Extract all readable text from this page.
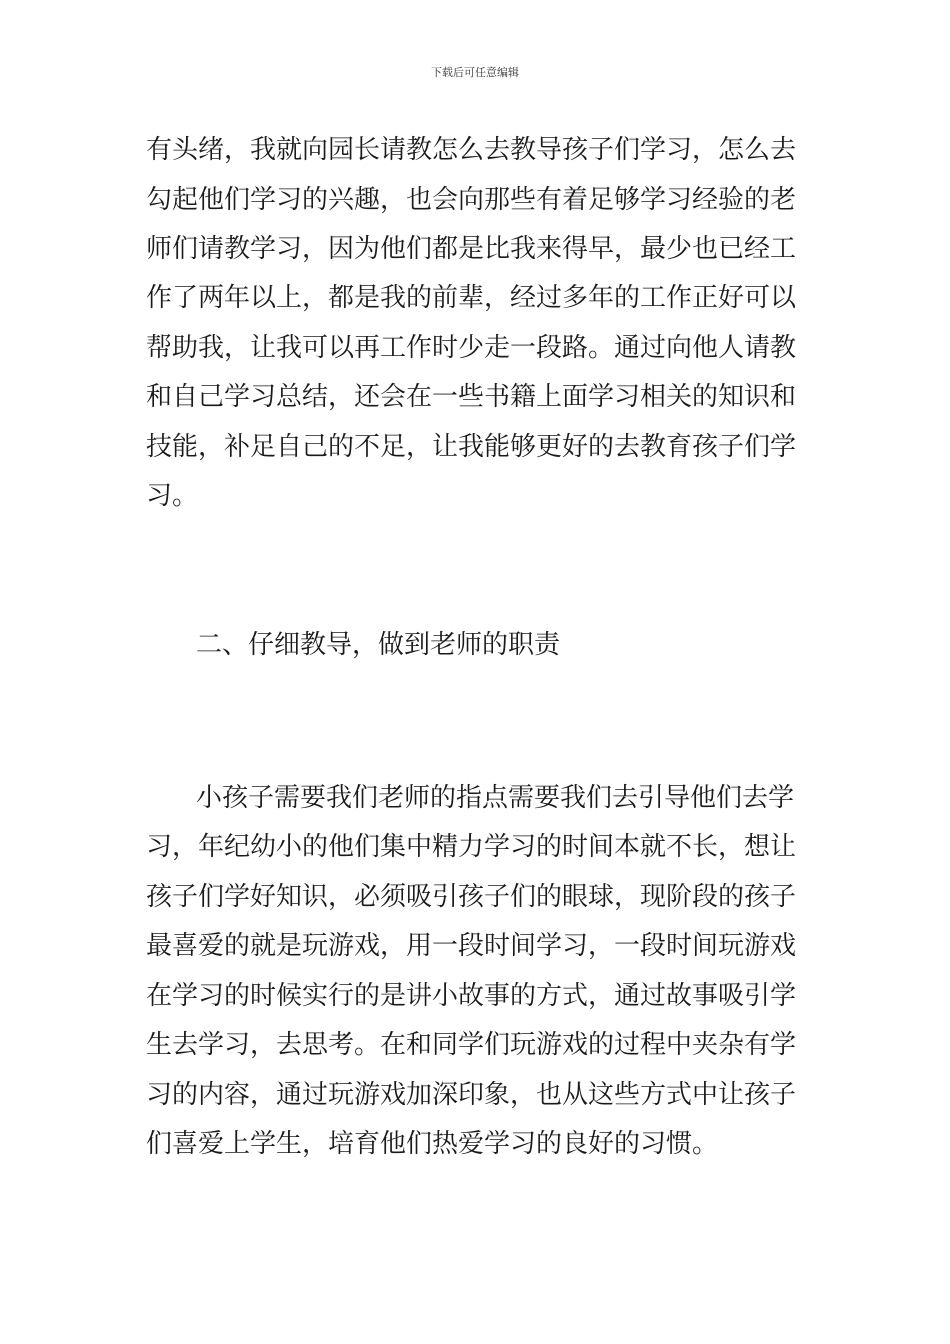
下载后可任意编辑
有头绪，我就向园长请教怎么去教导孩子们学习，怎么去
勾起他们学习的兴趣，也会向那些有着足够学习经验的老
师们请教学习，因为他们都是比我来得早，最少也已经工
作了两年以上，都是我的前辈，经过多年的工作正好可以
帮助我，让我可以再工作时少走一段路。通过向他人请教
和自己学习总结，还会在一些书籍上面学习相关的知识和
技能，补足自己的不足，让我能够更好的去教育孩子们学
习。
二、仔细教导，做到老师的职责
小孩子需要我们老师的指点需要我们去引导他们去学
习，年纪幼小的他们集中精力学习的时间本就不长，想让
孩子们学好知识，必须吸引孩子们的眼球，现阶段的孩子
最喜爱的就是玩游戏，用一段时间学习，一段时间玩游戏
在学习的时候实行的是讲小故事的方式，通过故事吸引学
生去学习，去思考。在和同学们玩游戏的过程中夹杂有学
习的内容，通过玩游戏加深印象，也从这些方式中让孩子
们喜爱上学生，培育他们热爱学习的良好的习惯。
